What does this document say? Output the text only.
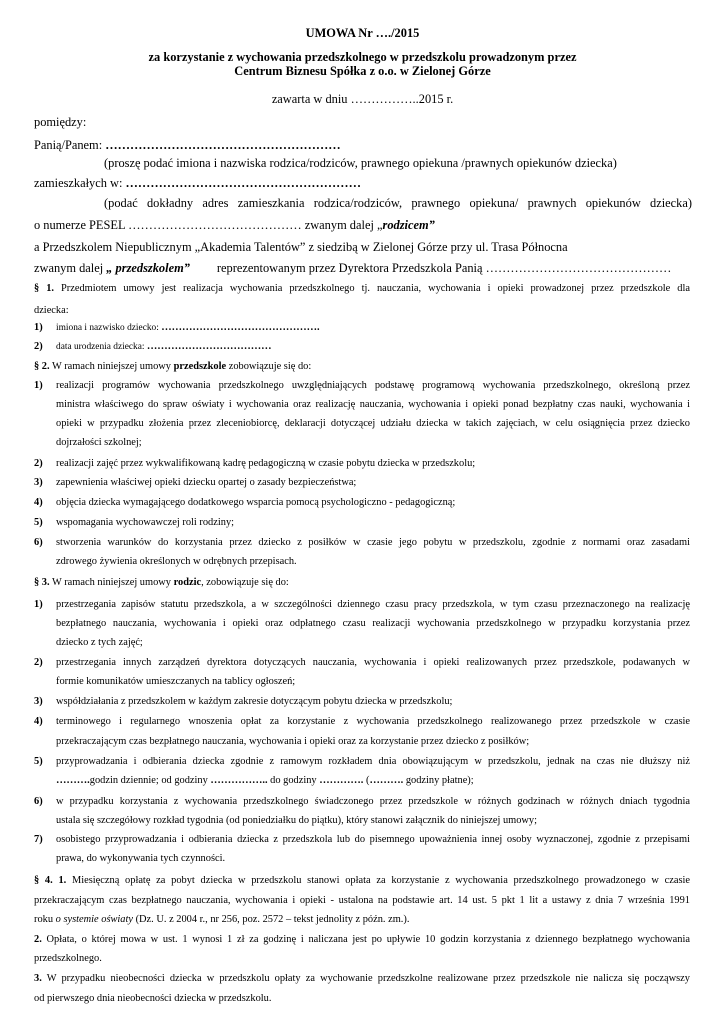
UMOWA Nr …./2015
za korzystanie z wychowania przedszkolnego w przedszkolu prowadzonym przez
Centrum Biznesu Spółka z o.o. w Zielonej Górze
zawarta w dniu ……………..2015 r.
pomiędzy:
Panią/Panem: …………………………………………………
(proszę podać imiona i nazwiska rodzica/rodziców, prawnego opiekuna /prawnych opiekunów dziecka)
zamieszkałych w: …………………………………………………
(podać dokładny adres zamieszkania rodzica/rodziców, prawnego opiekuna/ prawnych opiekunów dziecka)
o numerze PESEL …………………………………… zwanym dalej „rodzicem”
a Przedszkolem Niepublicznym „Akademia Talentów” z siedzibą w Zielonej Górze przy ul. Trasa Północna
zwanym dalej „ przedszkolem” reprezentowanym przez Dyrektora Przedszkola Panią ………………………………………
§ 1. Przedmiotem umowy jest realizacja wychowania przedszkolnego tj. nauczania, wychowania i opieki prowadzonej przez przedszkole dla
dziecka:
1) imiona i nazwisko dziecko: ……………………………………….
2) data urodzenia dziecka: ………………………………
§ 2. W ramach niniejszej umowy przedszkole zobowiązuje się do:
1) realizacji programów wychowania przedszkolnego uwzględniających podstawę programową wychowania przedszkolnego, określoną przez
ministra właściwego do spraw oświaty i wychowania oraz realizację nauczania, wychowania i opieki ponad bezpłatny czas nauki, wychowania i
opieki w przypadku złożenia przez zleceniobiorcę, deklaracji dotyczącej udziału dziecka w takich zajęciach, w celu osiągnięcia przez dziecko
dojrzałości szkolnej;
2) realizacji zajęć przez wykwalifikowaną kadrę pedagogiczną w czasie pobytu dziecka w przedszkolu;
3) zapewnienia właściwej opieki dziecku opartej o zasady bezpieczeństwa;
4) objęcia dziecka wymagającego dodatkowego wsparcia pomocą psychologiczno - pedagogiczną;
5) wspomagania wychowawczej roli rodziny;
6) stworzenia warunków do korzystania przez dziecko z posiłków w czasie jego pobytu w przedszkolu, zgodnie z normami oraz zasadami
zdrowego żywienia określonych w odrębnych przepisach.
§ 3. W ramach niniejszej umowy rodzic, zobowiązuje się do:
1) przestrzegania zapisów statutu przedszkola, a w szczególności dziennego czasu pracy przedszkola, w tym czasu przeznaczonego na realizację
bezpłatnego nauczania, wychowania i opieki oraz odpłatnego czasu realizacji wychowania przedszkolnego w przypadku korzystania przez
dziecko z tych zajęć;
2) przestrzegania innych zarządzeń dyrektora dotyczących nauczania, wychowania i opieki realizowanych przez przedszkole, podawanych w
formie komunikatów umieszczanych na tablicy ogłoszeń;
3) współdziałania z przedszkolem w każdym zakresie dotyczącym pobytu dziecka w przedszkolu;
4) terminowego i regularnego wnoszenia opłat za korzystanie z wychowania przedszkolnego realizowanego przez przedszkole w czasie
przekraczającym czas bezpłatnego nauczania, wychowania i opieki oraz za korzystanie przez dziecko z posiłków;
5) przyprowadzania i odbierania dziecka zgodnie z ramowym rozkładem dnia obowiązującym w przedszkolu, jednak na czas nie dłuższy niż
……….godzin dziennie; od godziny …………….. do godziny …………. (………. godziny płatne);
6) w przypadku korzystania z wychowania przedszkolnego świadczonego przez przedszkole w różnych godzinach w różnych dniach tygodnia
ustala się szczegółowy rozkład tygodnia (od poniedziałku do piątku), który stanowi załącznik do niniejszej umowy;
7) osobistego przyprowadzania i odbierania dziecka z przedszkola lub do pisemnego upoważnienia innej osoby wyznaczonej, zgodnie z przepisami
prawa, do wykonywania tych czynności.
§ 4. 1. Miesięczną opłatę za pobyt dziecka w przedszkolu stanowi opłata za korzystanie z wychowania przedszkolnego prowadzonego w czasie
przekraczającym czas bezpłatnego nauczania, wychowania i opieki - ustalona na podstawie art. 14 ust. 5 pkt 1 lit a ustawy z dnia 7 września 1991
roku o systemie oświaty (Dz. U. z 2004 r., nr 256, poz. 2572 – tekst jednolity z późn. zm.).
2. Opłata, o której mowa w ust. 1 wynosi 1 zł za godzinę i naliczana jest po upływie 10 godzin korzystania z dziennego bezpłatnego wychowania
przedszkolnego.
3. W przypadku nieobecności dziecka w przedszkolu opłaty za wychowanie przedszkolne realizowane przez przedszkole nie nalicza się począwszy
od pierwszego dnia nieobecności dziecka w przedszkolu.
